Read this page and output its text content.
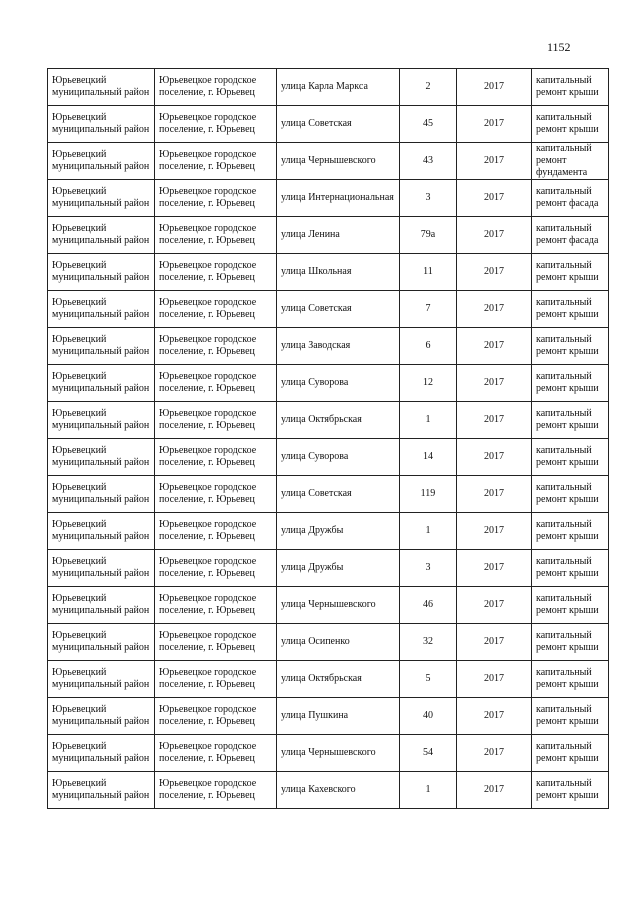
1152
Юрьевецкий муниципальный район	Юрьевецкое городское поселение, г. Юрьевец	улица Карла Маркса	2	2017	капитальный ремонт крыши
Юрьевецкий муниципальный район	Юрьевецкое городское поселение, г. Юрьевец	улица Советская	45	2017	капитальный ремонт крыши
Юрьевецкий муниципальный район	Юрьевецкое городское поселение, г. Юрьевец	улица Чернышевского	43	2017	капитальный ремонт фундамента
Юрьевецкий муниципальный район	Юрьевецкое городское поселение, г. Юрьевец	улица Интернациональная	3	2017	капитальный ремонт фасада
Юрьевецкий муниципальный район	Юрьевецкое городское поселение, г. Юрьевец	улица Ленина	79а	2017	капитальный ремонт фасада
Юрьевецкий муниципальный район	Юрьевецкое городское поселение, г. Юрьевец	улица Школьная	11	2017	капитальный ремонт крыши
Юрьевецкий муниципальный район	Юрьевецкое городское поселение, г. Юрьевец	улица Советская	7	2017	капитальный ремонт крыши
Юрьевецкий муниципальный район	Юрьевецкое городское поселение, г. Юрьевец	улица Заводская	6	2017	капитальный ремонт крыши
Юрьевецкий муниципальный район	Юрьевецкое городское поселение, г. Юрьевец	улица Суворова	12	2017	капитальный ремонт крыши
Юрьевецкий муниципальный район	Юрьевецкое городское поселение, г. Юрьевец	улица Октябрьская	1	2017	капитальный ремонт крыши
Юрьевецкий муниципальный район	Юрьевецкое городское поселение, г. Юрьевец	улица Суворова	14	2017	капитальный ремонт крыши
Юрьевецкий муниципальный район	Юрьевецкое городское поселение, г. Юрьевец	улица Советская	119	2017	капитальный ремонт крыши
Юрьевецкий муниципальный район	Юрьевецкое городское поселение, г. Юрьевец	улица Дружбы	1	2017	капитальный ремонт крыши
Юрьевецкий муниципальный район	Юрьевецкое городское поселение, г. Юрьевец	улица Дружбы	3	2017	капитальный ремонт крыши
Юрьевецкий муниципальный район	Юрьевецкое городское поселение, г. Юрьевец	улица Чернышевского	46	2017	капитальный ремонт крыши
Юрьевецкий муниципальный район	Юрьевецкое городское поселение, г. Юрьевец	улица Осипенко	32	2017	капитальный ремонт крыши
Юрьевецкий муниципальный район	Юрьевецкое городское поселение, г. Юрьевец	улица Октябрьская	5	2017	капитальный ремонт крыши
Юрьевецкий муниципальный район	Юрьевецкое городское поселение, г. Юрьевец	улица Пушкина	40	2017	капитальный ремонт крыши
Юрьевецкий муниципальный район	Юрьевецкое городское поселение, г. Юрьевец	улица Чернышевского	54	2017	капитальный ремонт крыши
Юрьевецкий муниципальный район	Юрьевецкое городское поселение, г. Юрьевец	улица Кахевского	1	2017	капитальный ремонт крыши
